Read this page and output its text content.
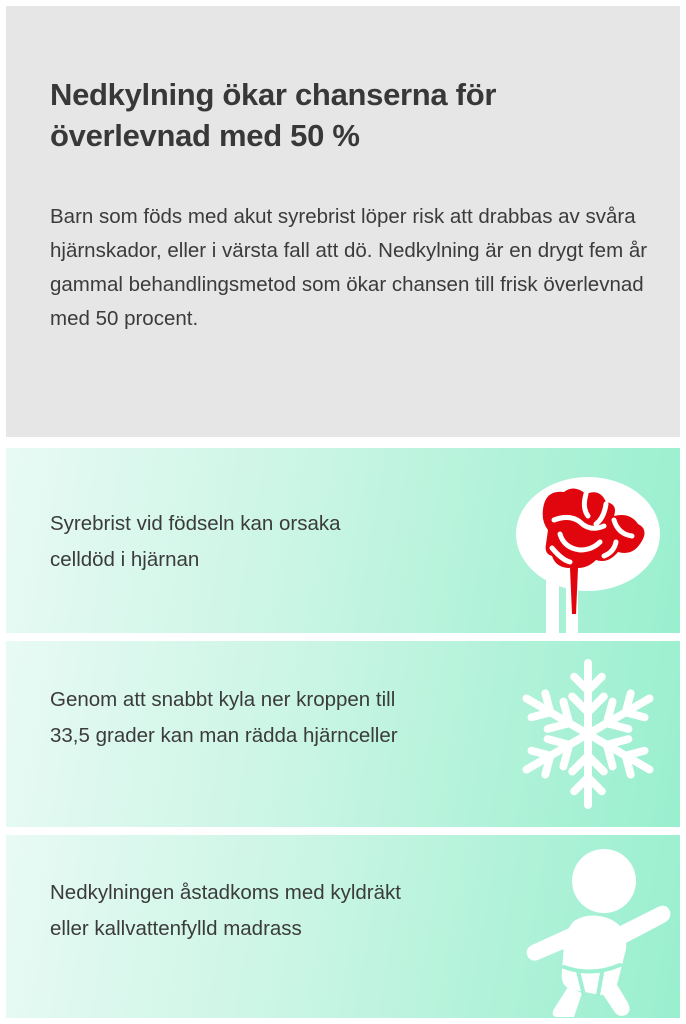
Nedkylning ökar chanserna för överlevnad med 50 %

Barn som föds med akut syrebrist löper risk att drabbas av svåra hjärnskador, eller i värsta fall att dö. Nedkylning är en drygt fem år gammal behandlingsmetod som ökar chansen till frisk överlevnad med 50 procent.

Syrebrist vid födseln kan orsaka celldöd i hjärnan

Genom att snabbt kyla ner kroppen till 33,5 grader kan man rädda hjärnceller

Nedkylningen åstadkoms med kyldräkt eller kallvattenfylld madrass
